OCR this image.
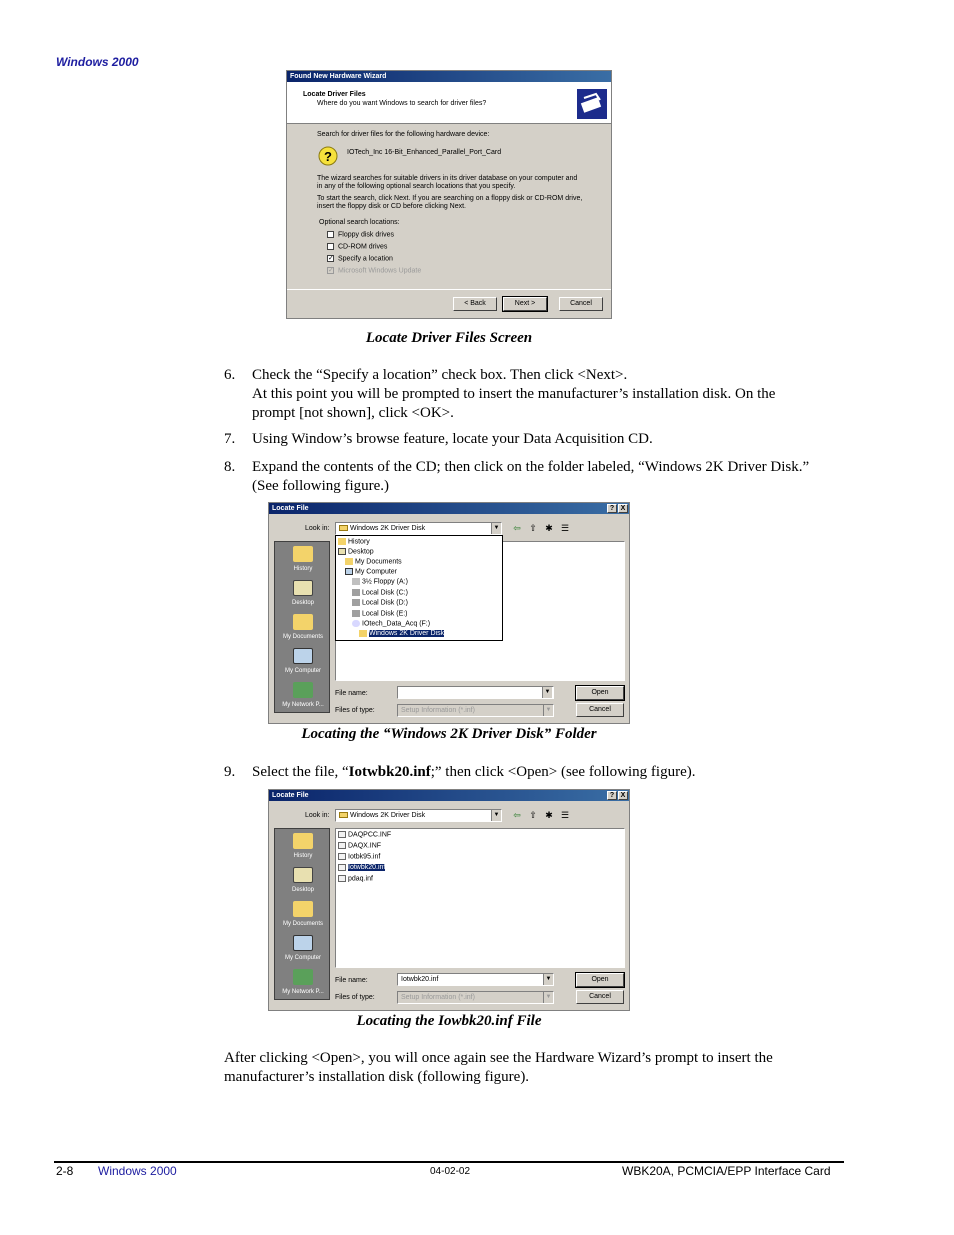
Windows 2000
Found New Hardware Wizard
Locate Driver Files
Where do you want Windows to search for driver files?
Search for driver files for the following hardware device:
? IOTech_Inc 16-Bit_Enhanced_Parallel_Port_Card
The wizard searches for suitable drivers in its driver database on your computer and in any of the following optional search locations that you specify.
To start the search, click Next. If you are searching on a floppy disk or CD-ROM drive, insert the floppy disk or CD before clicking Next.
Optional search locations:
Floppy disk drives
CD-ROM drives
✓ Specify a location
✓ Microsoft Windows Update
< Back	Next >	Cancel
Locate Driver Files Screen
6. Check the “Specify a location” check box. Then click <Next>.
At this point you will be prompted to insert the manufacturer’s installation disk. On the prompt [not shown], click <OK>.
7. Using Window’s browse feature, locate your Data Acquisition CD.
8. Expand the contents of the CD; then click on the folder labeled, “Windows 2K Driver Disk.” (See following figure.)
Locate File	? X
Look in:	Windows 2K Driver Disk	▼ ⇦ ⇧ ✱ ☰
History
Desktop
My Documents
My Computer
My Network P...
History
Desktop
My Documents
My Computer
3½ Floppy (A:)
Local Disk (C:)
Local Disk (D:)
Local Disk (E:)
IOtech_Data_Acq (F:)
Windows 2K Driver Disk
File name:	▼
Files of type:	Setup Information (*.inf)	▼
Open
Cancel
Locating the “Windows 2K Driver Disk” Folder
9. Select the file, “Iotwbk20.inf;” then click <Open> (see following figure).
Locate File	? X
Look in:	Windows 2K Driver Disk	▼ ⇦ ⇧ ✱ ☰
History
Desktop
My Documents
My Computer
My Network P...
DAQPCC.INF
DAQX.INF
Iotbk95.inf
Iotwbk20.inf
pdaq.inf
File name:	Iotwbk20.inf	▼
Files of type:	Setup Information (*.inf)	▼
Open
Cancel
Locating the Iowbk20.inf File
After clicking <Open>, you will once again see the Hardware Wizard’s prompt to insert the manufacturer’s installation disk (following figure).
2-8 Windows 2000	04-02-02	WBK20A, PCMCIA/EPP Interface Card
